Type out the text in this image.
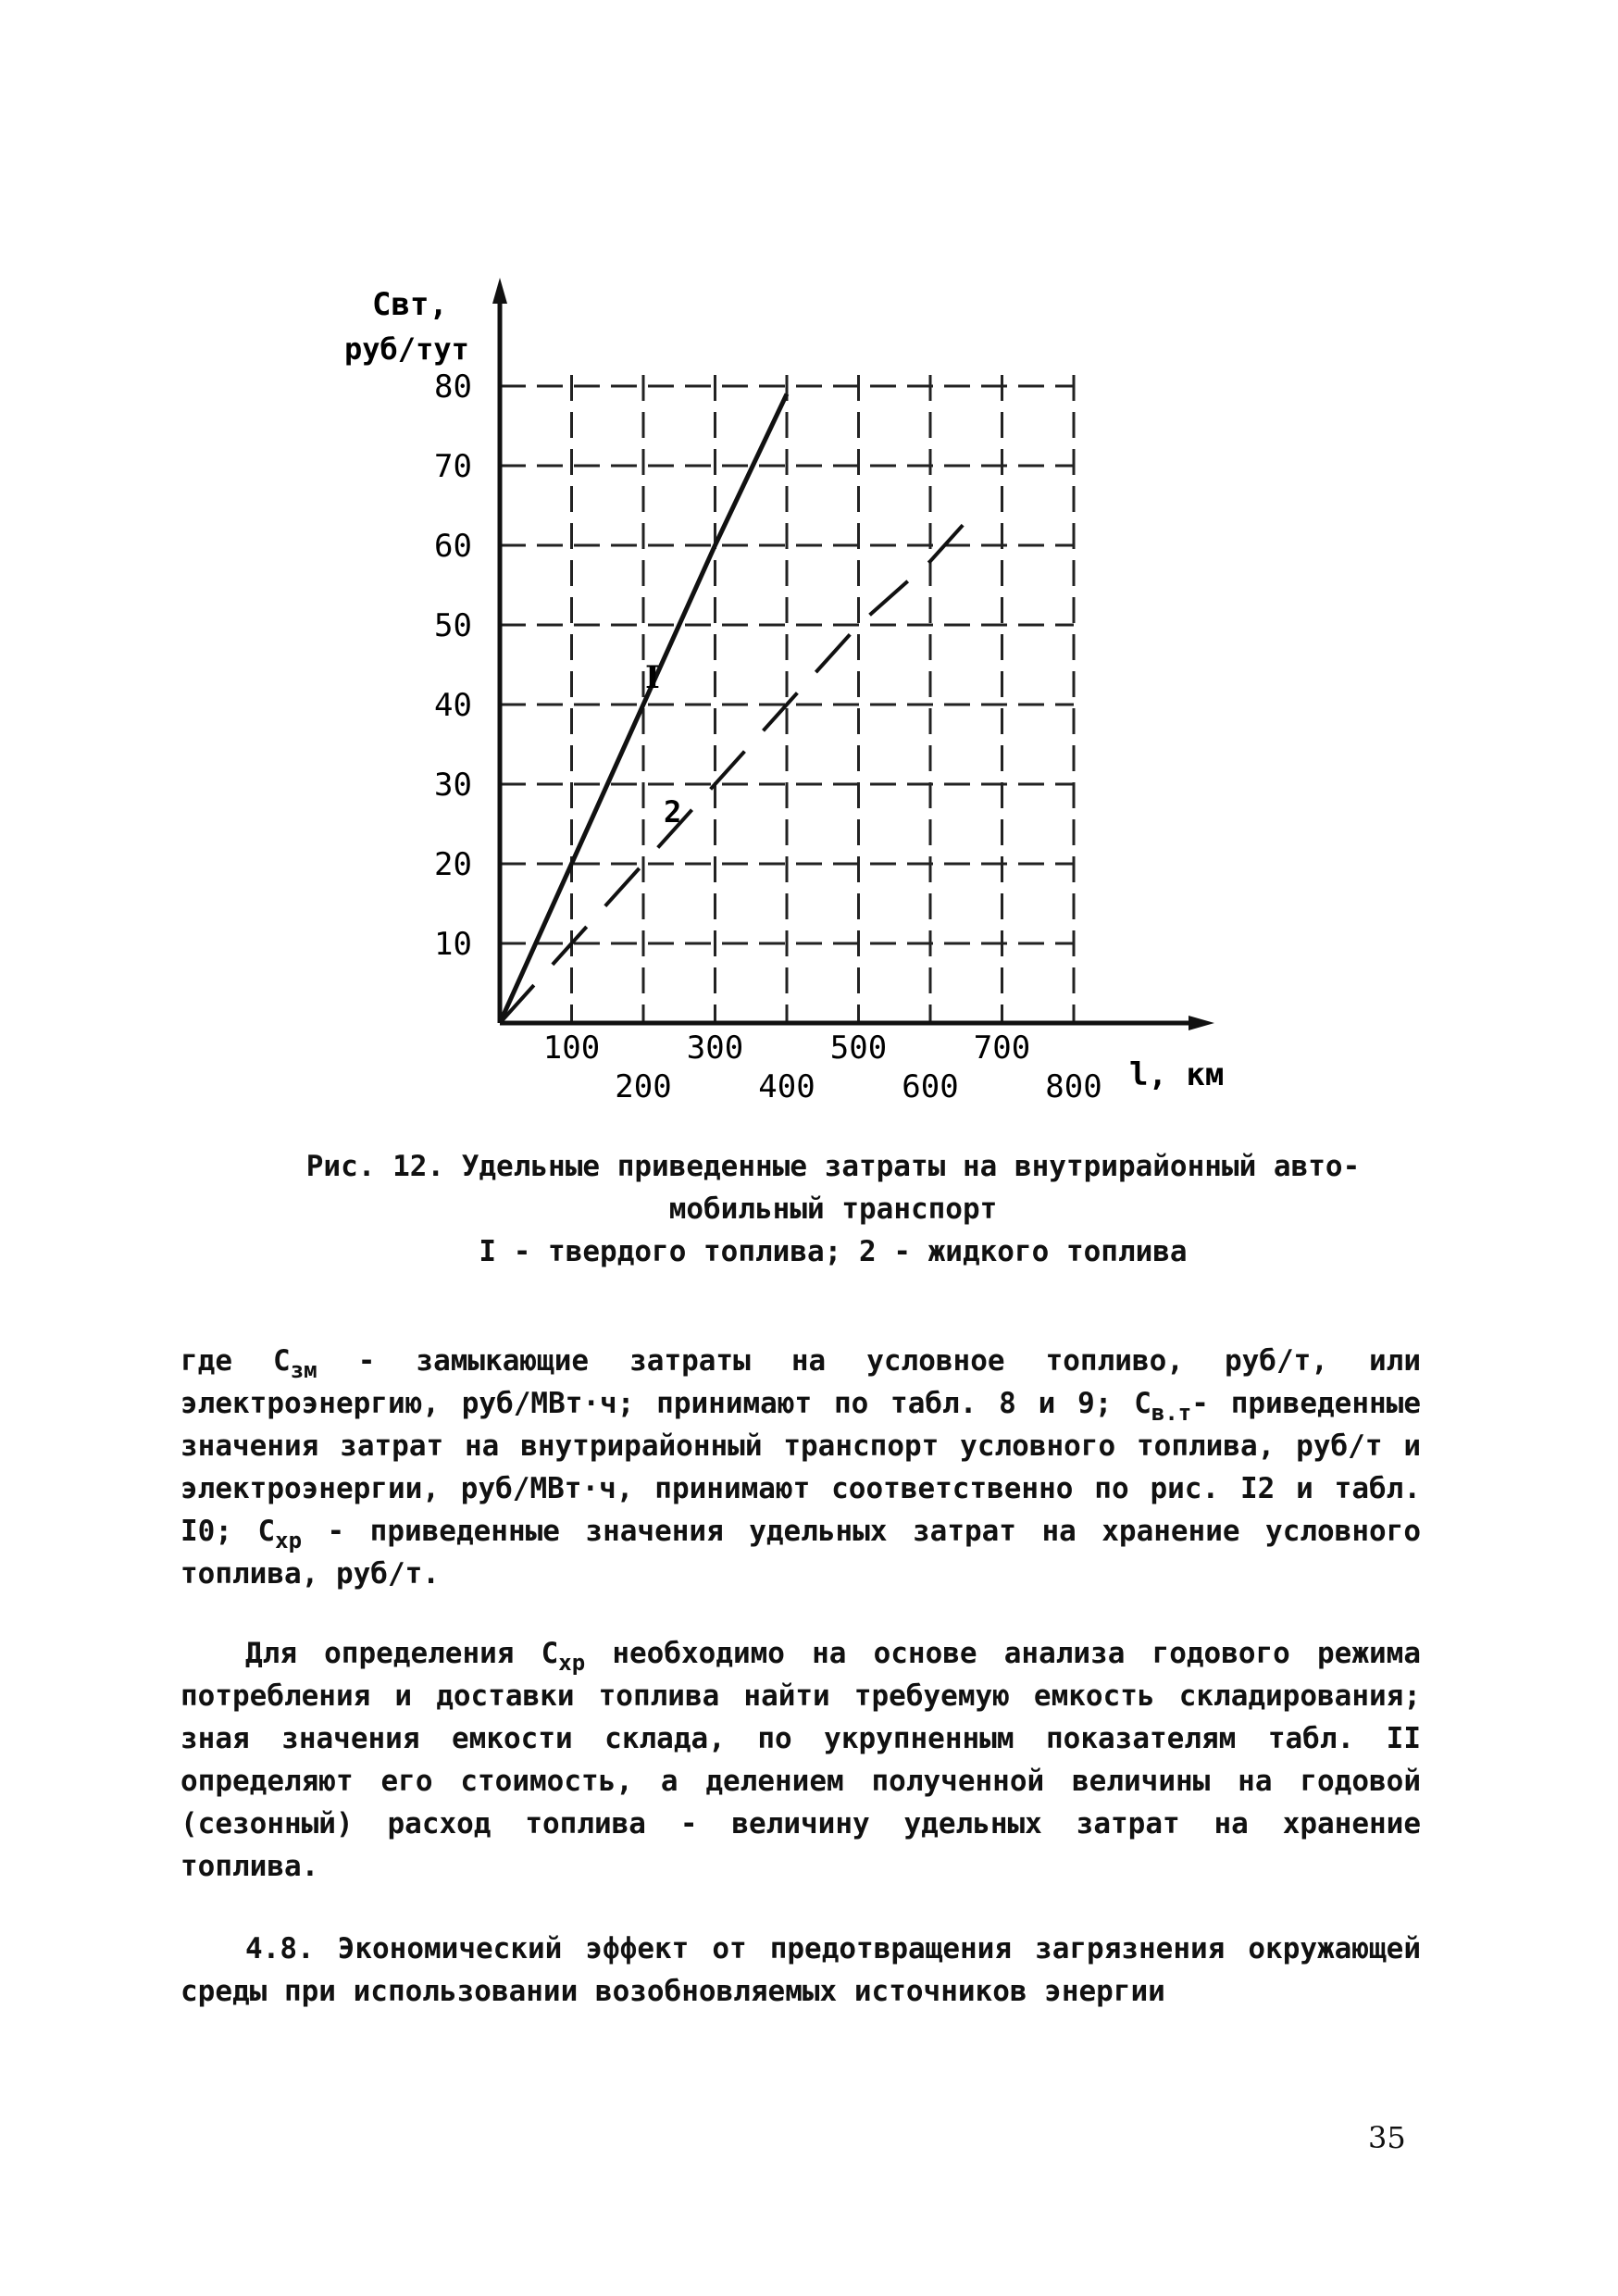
10
20
30
40
50
60
70
80
100
200
300
400
500
600
700
800
Cвт,
руб/тут
l, км
I
2
Рис. 12. Удельные приведенные затраты на внутрирайонный авто-
мобильный транспорт
I - твердого топлива; 2 - жидкого топлива
где $C_{зм}$ - замыкающие затраты на условное топливо, руб/т, или электроэнергию, руб/МВт·ч; принимают по табл. 8 и 9; $C_{в.т}-$ приведенные значения затрат на внутрирайонный транспорт условного топлива, руб/т и электроэнергии, руб/МВт·ч, принимают соответственно по рис. I2 и табл. I0; $C_{хр}$ - приведенные значения удельных затрат на хранение условного топлива, руб/т.
Для определения $C_{хр}$ необходимо на основе анализа годового режима потребления и доставки топлива найти требуемую емкость складирования; зная значения емкости склада, по укрупненным показателям табл. II определяют его стоимость, а делением полученной величины на годовой (сезонный) расход топлива - величину удельных затрат на хранение топлива.
4.8. Экономический эффект от предотвращения загрязнения окружающей среды при использовании возобновляемых источников энергии
35
